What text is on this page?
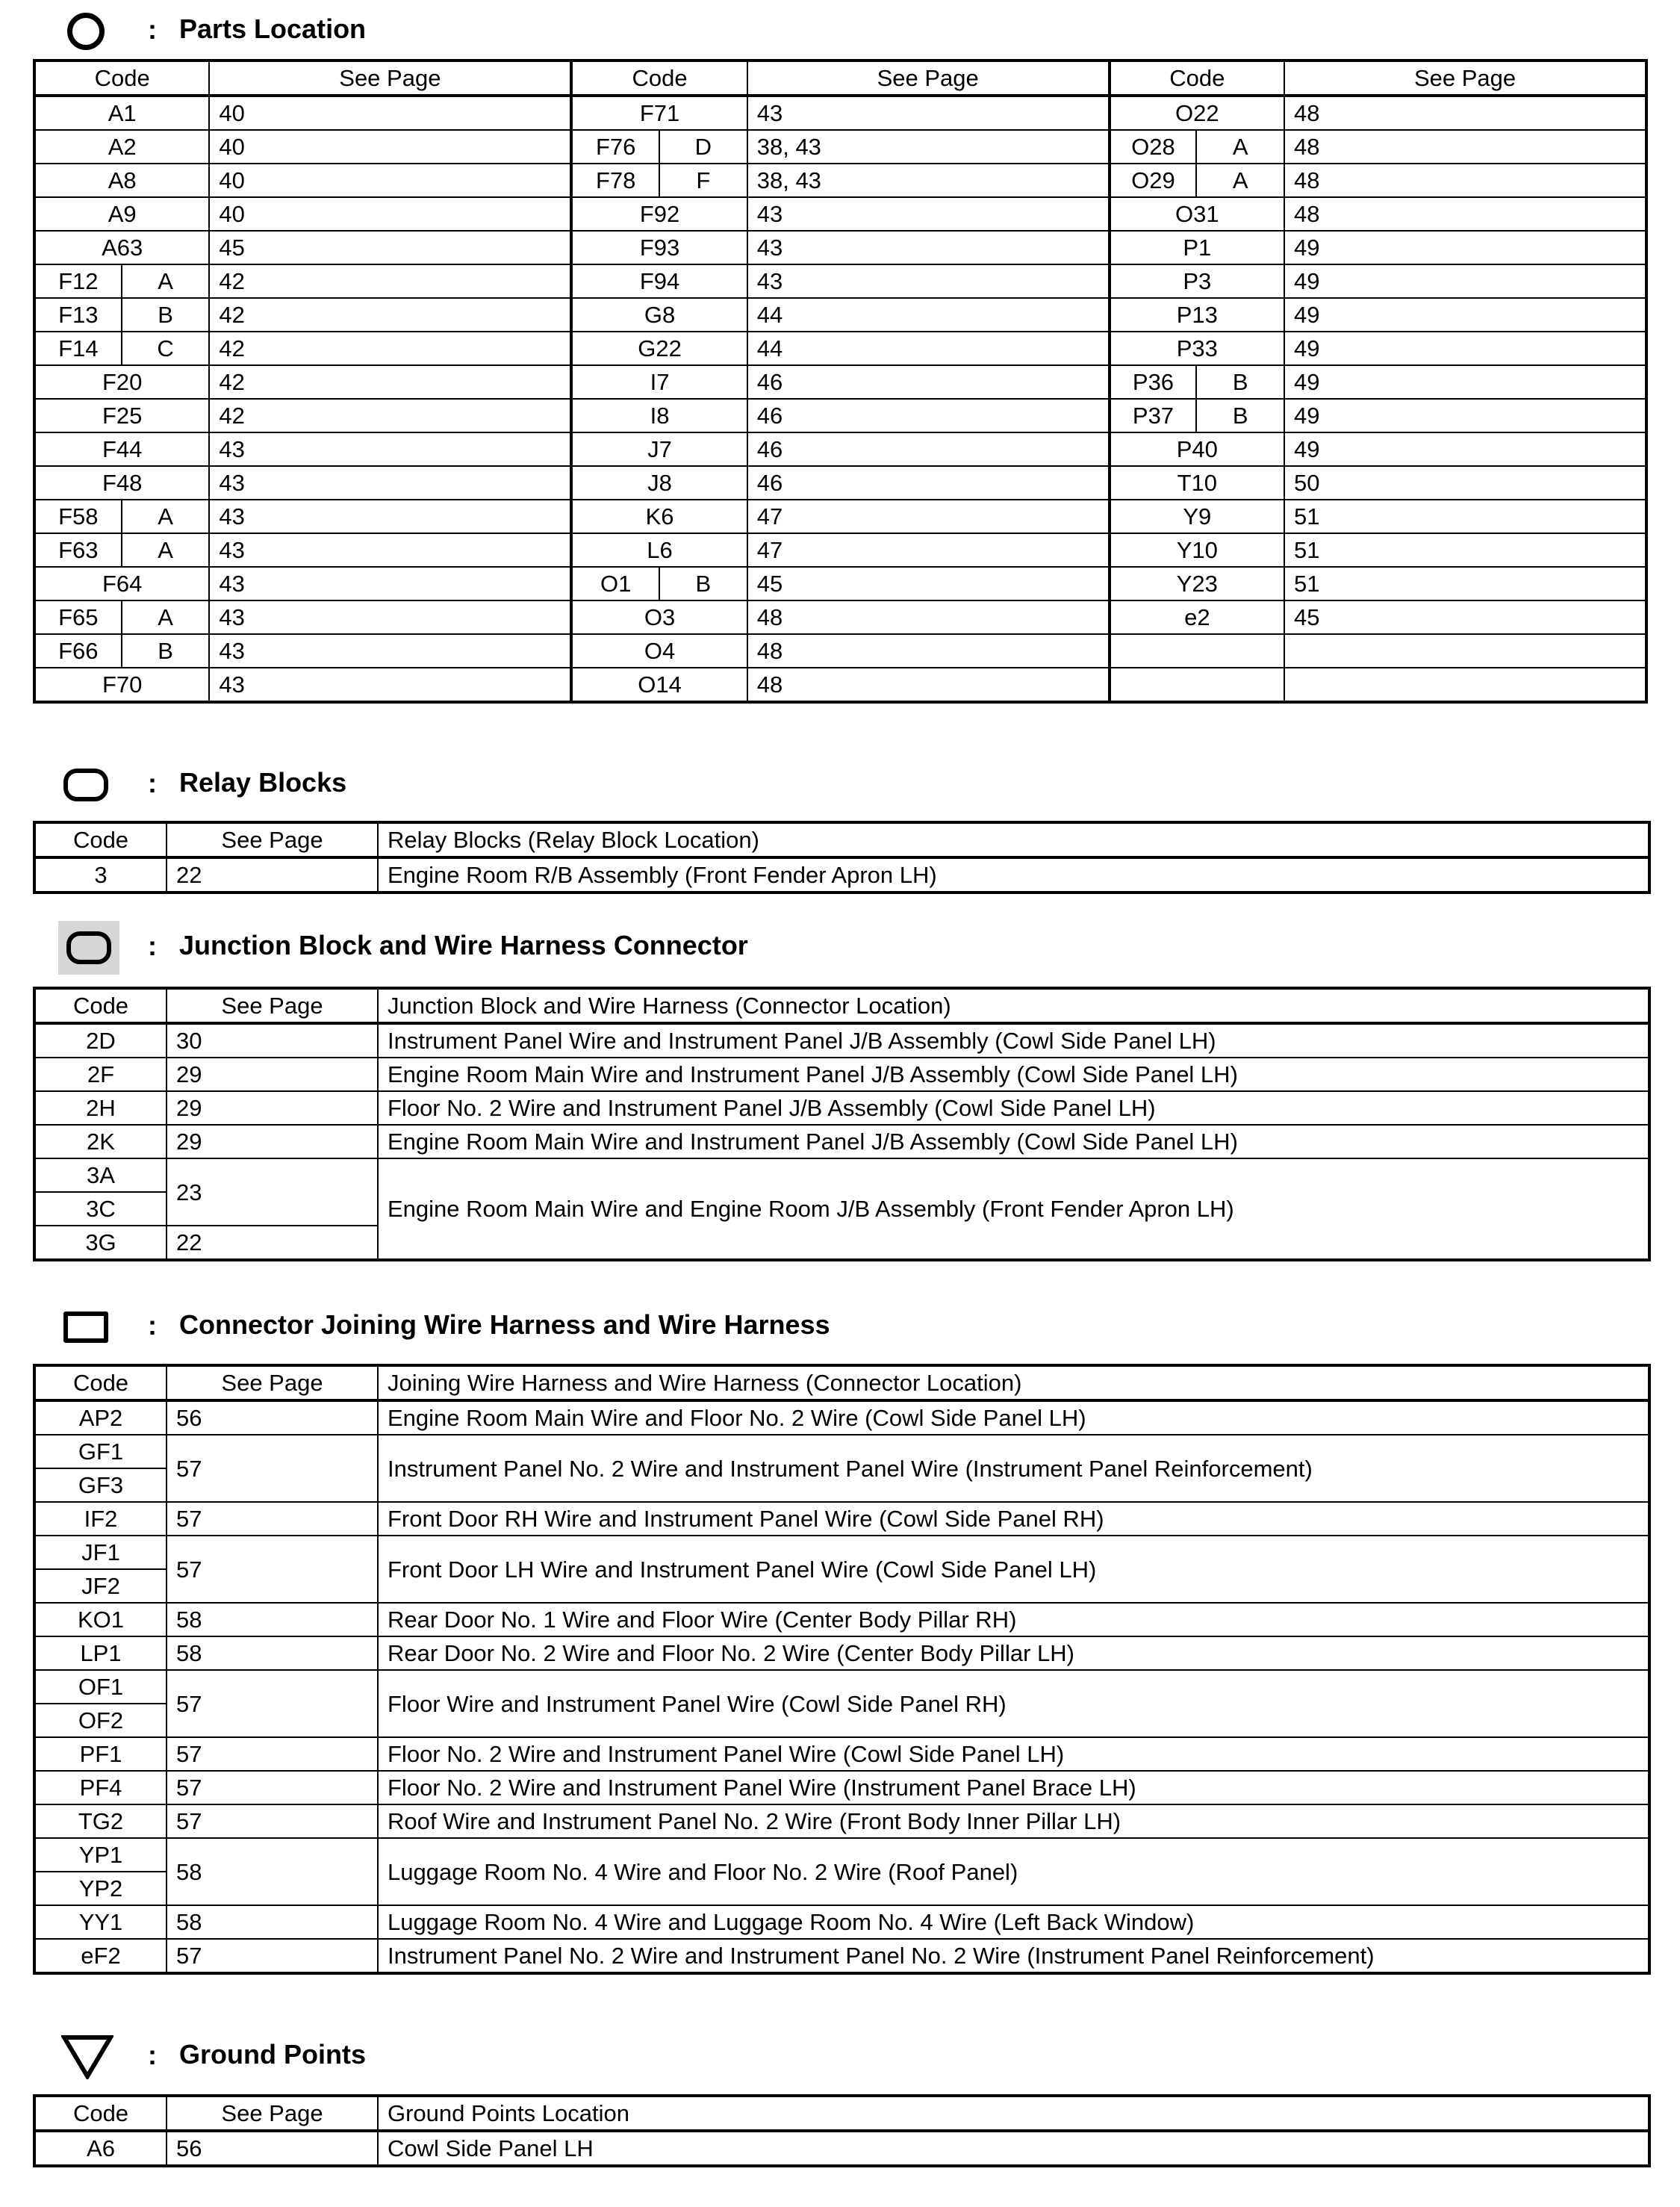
: Parts Location
Code		See Page	Code		See Page	Code		See Page
A1		40	F71		43	O22		48
A2		40	F76	D	38, 43	O28	A	48
A8		40	F78	F	38, 43	O29	A	48
A9		40	F92		43	O31		48
A63		45	F93		43	P1		49
F12	A	42	F94		43	P3		49
F13	B	42	G8		44	P13		49
F14	C	42	G22		44	P33		49
F20		42	I7		46	P36	B	49
F25		42	I8		46	P37	B	49
F44		43	J7		46	P40		49
F48		43	J8		46	T10		50
F58	A	43	K6		47	Y9		51
F63	A	43	L6		47	Y10		51
F64		43	O1	B	45	Y23		51
F65	A	43	O3		48	e2		45
F66	B	43	O4		48			
F70		43	O14		48			
: Relay Blocks
Code	See Page	Relay Blocks (Relay Block Location)
3	22	Engine Room R/B Assembly (Front Fender Apron LH)
: Junction Block and Wire Harness Connector
Code	See Page	Junction Block and Wire Harness (Connector Location)
2D	30	Instrument Panel Wire and Instrument Panel J/B Assembly (Cowl Side Panel LH)
2F	29	Engine Room Main Wire and Instrument Panel J/B Assembly (Cowl Side Panel LH)
2H	29	Floor No. 2 Wire and Instrument Panel J/B Assembly (Cowl Side Panel LH)
2K	29	Engine Room Main Wire and Instrument Panel J/B Assembly (Cowl Side Panel LH)
3A	23	Engine Room Main Wire and Engine Room J/B Assembly (Front Fender Apron LH)
3C		
3G	22	
: Connector Joining Wire Harness and Wire Harness
Code	See Page	Joining Wire Harness and Wire Harness (Connector Location)
AP2	56	Engine Room Main Wire and Floor No. 2 Wire (Cowl Side Panel LH)
GF1	57	Instrument Panel No. 2 Wire and Instrument Panel Wire (Instrument Panel Reinforcement)
GF3		
IF2	57	Front Door RH Wire and Instrument Panel Wire (Cowl Side Panel RH)
JF1	57	Front Door LH Wire and Instrument Panel Wire (Cowl Side Panel LH)
JF2		
KO1	58	Rear Door No. 1 Wire and Floor Wire (Center Body Pillar RH)
LP1	58	Rear Door No. 2 Wire and Floor No. 2 Wire (Center Body Pillar LH)
OF1	57	Floor Wire and Instrument Panel Wire (Cowl Side Panel RH)
OF2		
PF1	57	Floor No. 2 Wire and Instrument Panel Wire (Cowl Side Panel LH)
PF4	57	Floor No. 2 Wire and Instrument Panel Wire (Instrument Panel Brace LH)
TG2	57	Roof Wire and Instrument Panel No. 2 Wire (Front Body Inner Pillar LH)
YP1	58	Luggage Room No. 4 Wire and Floor No. 2 Wire (Roof Panel)
YP2		
YY1	58	Luggage Room No. 4 Wire and Luggage Room No. 4 Wire (Left Back Window)
eF2	57	Instrument Panel No. 2 Wire and Instrument Panel No. 2 Wire (Instrument Panel Reinforcement)
: Ground Points
Code	See Page	Ground Points Location
A6	56	Cowl Side Panel LH
